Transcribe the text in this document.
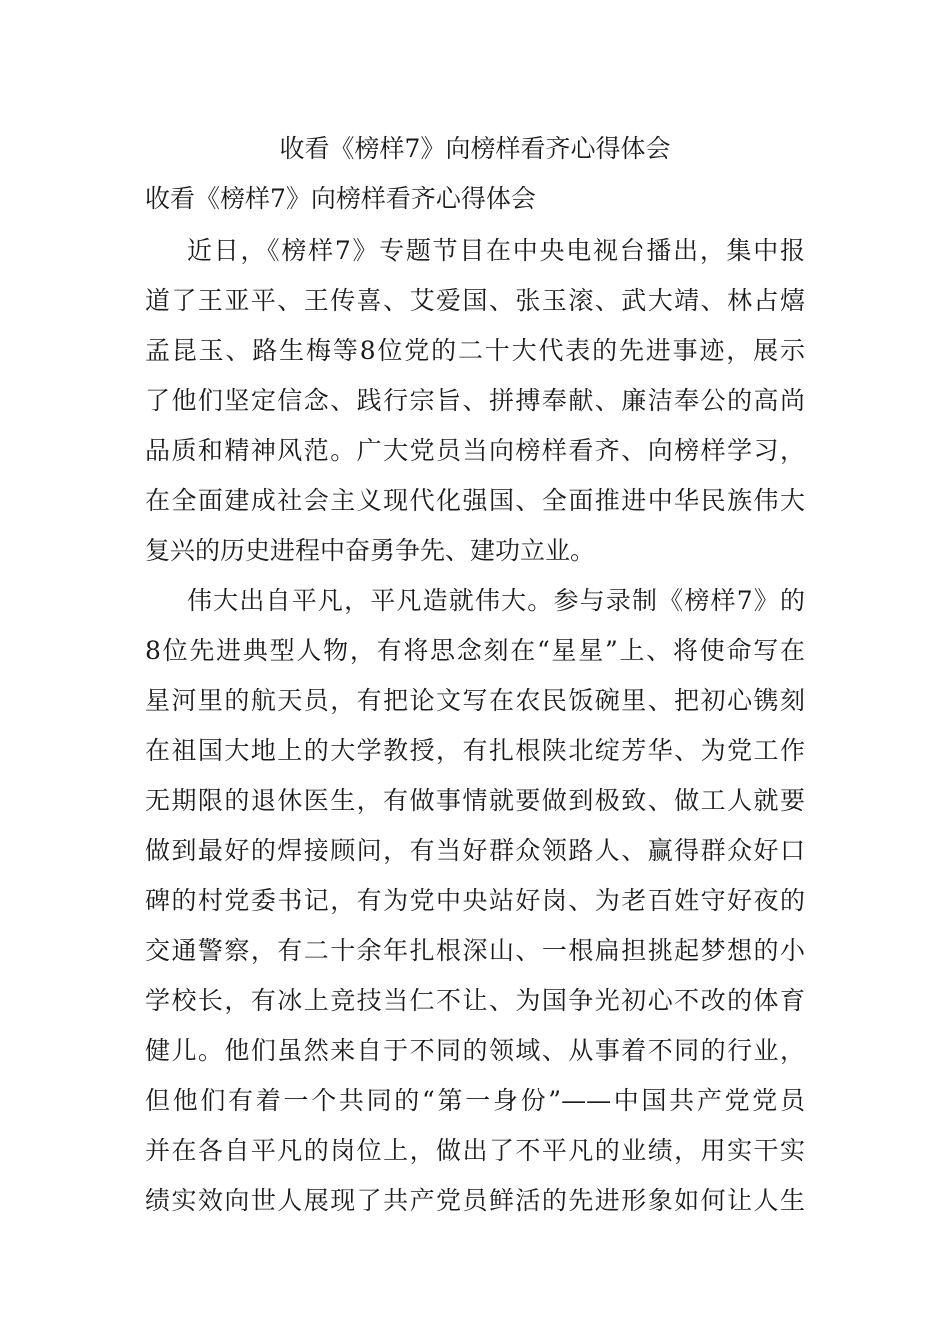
收看《榜样7》向榜样看齐心得体会
收看《榜样7》向榜样看齐心得体会
近日，《榜样7》专题节目在中央电视台播出，集中报
道了王亚平、王传喜、艾爱国、张玉滚、武大靖、林占熺
孟昆玉、路生梅等8位党的二十大代表的先进事迹，展示
了他们坚定信念、践行宗旨、拼搏奉献、廉洁奉公的高尚
品质和精神风范。广大党员当向榜样看齐、向榜样学习，
在全面建成社会主义现代化强国、全面推进中华民族伟大
复兴的历史进程中奋勇争先、建功立业。
伟大出自平凡，平凡造就伟大。参与录制《榜样7》的
8位先进典型人物，有将思念刻在“星星”上、将使命写在
星河里的航天员，有把论文写在农民饭碗里、把初心镌刻
在祖国大地上的大学教授，有扎根陕北绽芳华、为党工作
无期限的退休医生，有做事情就要做到极致、做工人就要
做到最好的焊接顾问，有当好群众领路人、赢得群众好口
碑的村党委书记，有为党中央站好岗、为老百姓守好夜的
交通警察，有二十余年扎根深山、一根扁担挑起梦想的小
学校长，有冰上竞技当仁不让、为国争光初心不改的体育
健儿。他们虽然来自于不同的领域、从事着不同的行业，
但他们有着一个共同的“第一身份”——中国共产党党员
并在各自平凡的岗位上，做出了不平凡的业绩，用实干实
绩实效向世人展现了共产党员鲜活的先进形象如何让人生
